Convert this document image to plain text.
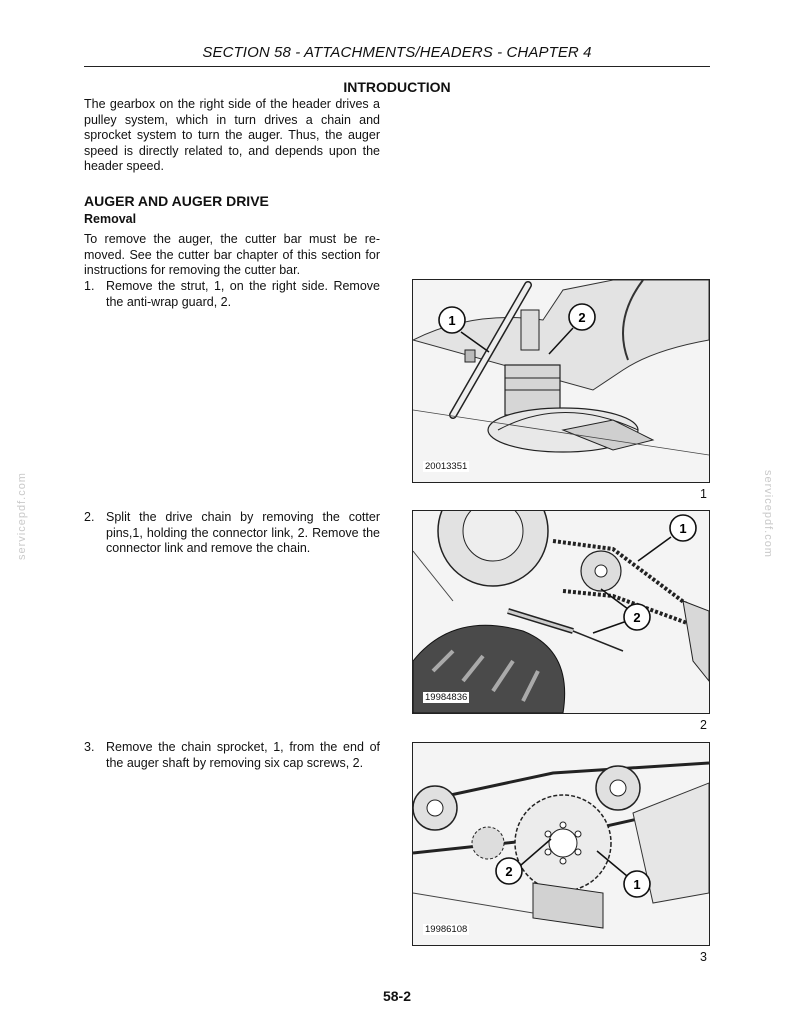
SECTION 58 - ATTACHMENTS/HEADERS - CHAPTER 4
INTRODUCTION

The gearbox on the right side of the header drives a pulley system, which in turn drives a chain and sprocket system to turn the auger. Thus, the auger speed is directly related to, and depends upon the header speed.

AUGER AND AUGER DRIVE
Removal

To remove the auger, the cutter bar must be re-moved. See the cutter bar chapter of this section for instructions for removing the cutter bar.

1. Remove the strut, 1, on the right side. Remove the anti-wrap guard, 2.
2. Split the drive chain by removing the cotter pins,1, holding the connector link, 2. Remove the connector link and remove the chain.
3. Remove the chain sprocket, 1, from the end of the auger shaft by removing six cap screws, 2.
1	2
20013351
1
1
2
19984836
2
2
1
19986108
3
servicepdf.com	servicepdf.com
58-2
